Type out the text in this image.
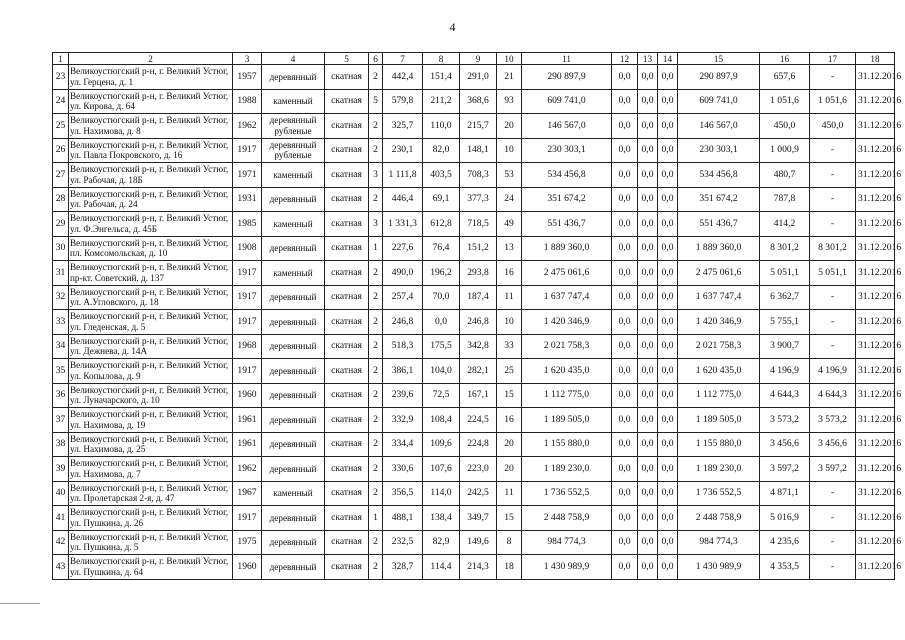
4
1	2	3	4	5	6	7	8	9	10	11	12	13	14	15	16	17	18
23	Великоустюгский р-н, г. Великий Устюг, ул. Герцена, д. 1	1957	деревянный	скатная	2	442,4	151,4	291,0	21	290 897,9	0,0	0,0	0,0	290 897,9	657,6	-	31.12.2016
24	Великоустюгский р-н, г. Великий Устюг, ул. Кирова, д. 64	1988	каменный	скатная	5	579,8	211,2	368,6	93	609 741,0	0,0	0,0	0,0	609 741,0	1 051,6	1 051,6	31.12.2016
25	Великоустюгский р-н, г. Великий Устюг, ул. Нахимова, д. 8	1962	деревянный рубленые	скатная	2	325,7	110,0	215,7	20	146 567,0	0,0	0,0	0,0	146 567,0	450,0	450,0	31.12.2016
26	Великоустюгский р-н, г. Великий Устюг, ул. Павла Покровского, д. 16	1917	деревянный рубленые	скатная	2	230,1	82,0	148,1	10	230 303,1	0,0	0,0	0,0	230 303,1	1 000,9	-	31.12.2016
27	Великоустюгский р-н, г. Великий Устюг, ул. Рабочая, д. 18Б	1971	каменный	скатная	3	1 111,8	403,5	708,3	53	534 456,8	0,0	0,0	0,0	534 456,8	480,7	-	31.12.2016
28	Великоустюгский р-н, г. Великий Устюг, ул. Рабочая, д. 24	1931	деревянный	скатная	2	446,4	69,1	377,3	24	351 674,2	0,0	0,0	0,0	351 674,2	787,8	-	31.12.2016
29	Великоустюгский р-н, г. Великий Устюг, ул. Ф.Энгельса, д. 45Б	1985	каменный	скатная	3	1 331,3	612,8	718,5	49	551 436,7	0,0	0,0	0,0	551 436,7	414,2	-	31.12.2016
30	Великоустюгский р-н, г. Великий Устюг, пл. Комсомольская, д. 10	1908	деревянный	скатная	1	227,6	76,4	151,2	13	1 889 360,0	0,0	0,0	0,0	1 889 360,0	8 301,2	8 301,2	31.12.2016
31	Великоустюгский р-н, г. Великий Устюг, пр-кт. Советский, д. 137	1917	каменный	скатная	2	490,0	196,2	293,8	16	2 475 061,6	0,0	0,0	0,0	2 475 061,6	5 051,1	5 051,1	31.12.2016
32	Великоустюгский р-н, г. Великий Устюг, ул. А.Угловского, д. 18	1917	деревянный	скатная	2	257,4	70,0	187,4	11	1 637 747,4	0,0	0,0	0,0	1 637 747,4	6 362,7	-	31.12.2016
33	Великоустюгский р-н, г. Великий Устюг, ул. Гледенская, д. 5	1917	деревянный	скатная	2	246,8	0,0	246,8	10	1 420 346,9	0,0	0,0	0,0	1 420 346,9	5 755,1	-	31.12.2016
34	Великоустюгский р-н, г. Великий Устюг, ул. Дежнева, д. 14А	1968	деревянный	скатная	2	518,3	175,5	342,8	33	2 021 758,3	0,0	0,0	0,0	2 021 758,3	3 900,7	-	31.12.2016
35	Великоустюгский р-н, г. Великий Устюг, ул. Копылова, д. 9	1917	деревянный	скатная	2	386,1	104,0	282,1	25	1 620 435,0	0,0	0,0	0,0	1 620 435,0	4 196,9	4 196,9	31.12.2016
36	Великоустюгский р-н, г. Великий Устюг, ул. Луначарского, д. 10	1960	деревянный	скатная	2	239,6	72,5	167,1	15	1 112 775,0	0,0	0,0	0,0	1 112 775,0	4 644,3	4 644,3	31.12.2016
37	Великоустюгский р-н, г. Великий Устюг, ул. Нахимова, д. 19	1961	деревянный	скатная	2	332,9	108,4	224,5	16	1 189 505,0	0,0	0,0	0,0	1 189 505,0	3 573,2	3 573,2	31.12.2016
38	Великоустюгский р-н, г. Великий Устюг, ул. Нахимова, д. 25	1961	деревянный	скатная	2	334,4	109,6	224,8	20	1 155 880,0	0,0	0,0	0,0	1 155 880,0	3 456,6	3 456,6	31.12.2016
39	Великоустюгский р-н, г. Великий Устюг, ул. Нахимова, д. 7	1962	деревянный	скатная	2	330,6	107,6	223,0	20	1 189 230,0	0,0	0,0	0,0	1 189 230,0	3 597,2	3 597,2	31.12.2016
40	Великоустюгский р-н, г. Великий Устюг, ул. Пролетарская 2-я, д. 47	1967	каменный	скатная	2	356,5	114,0	242,5	11	1 736 552,5	0,0	0,0	0,0	1 736 552,5	4 871,1	-	31.12.2016
41	Великоустюгский р-н, г. Великий Устюг, ул. Пушкина, д. 26	1917	деревянный	скатная	1	488,1	138,4	349,7	15	2 448 758,9	0,0	0,0	0,0	2 448 758,9	5 016,9	-	31.12.2016
42	Великоустюгский р-н, г. Великий Устюг, ул. Пушкина, д. 5	1975	деревянный	скатная	2	232,5	82,9	149,6	8	984 774,3	0,0	0,0	0,0	984 774,3	4 235,6	-	31.12.2016
43	Великоустюгский р-н, г. Великий Устюг, ул. Пушкина, д. 64	1960	деревянный	скатная	2	328,7	114,4	214,3	18	1 430 989,9	0,0	0,0	0,0	1 430 989,9	4 353,5	-	31.12.2016
